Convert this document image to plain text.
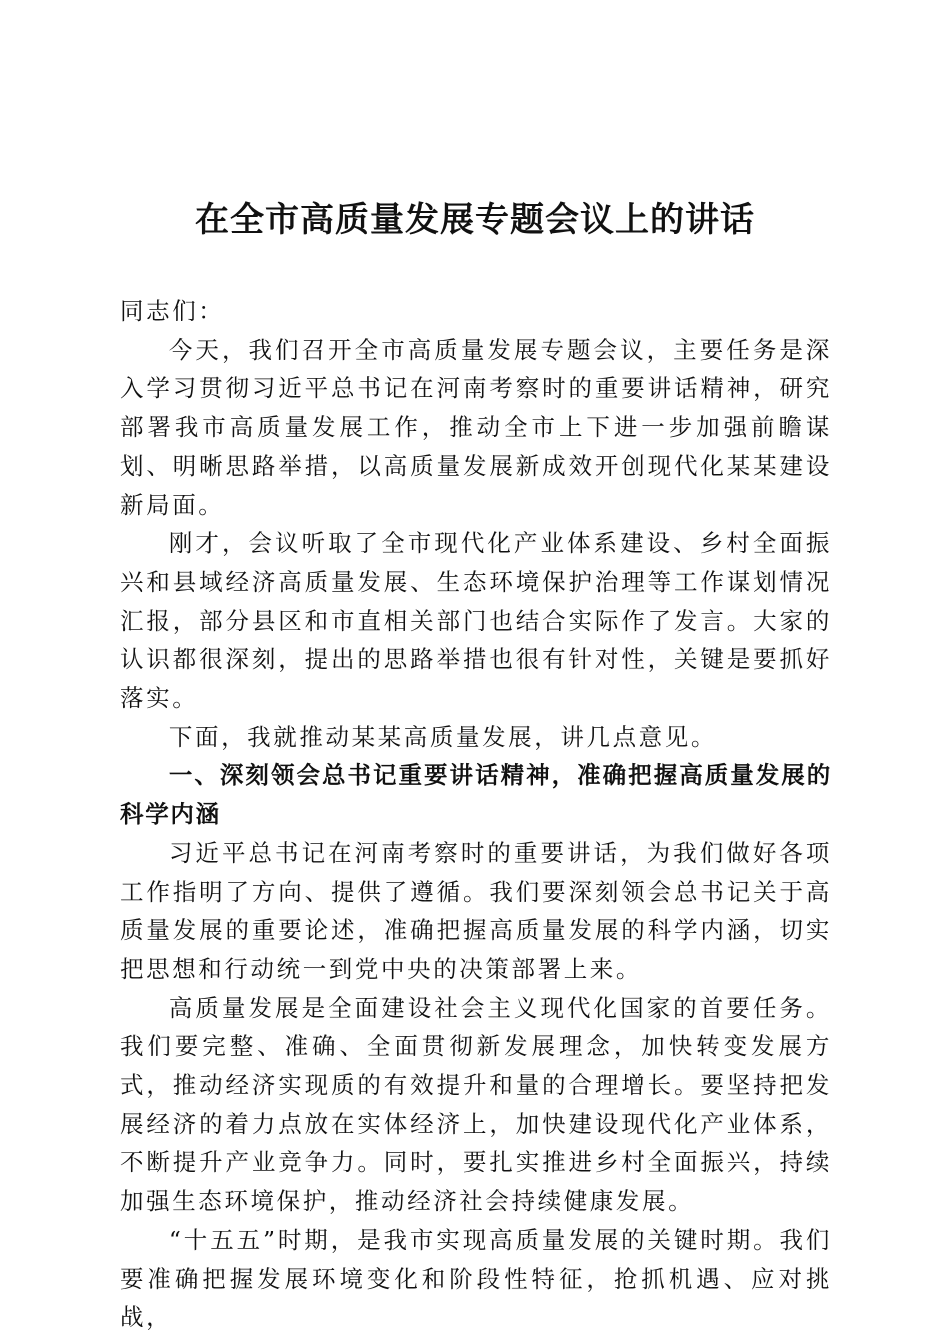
在全市高质量发展专题会议上的讲话

同志们：

今天，我们召开全市高质量发展专题会议，主要任务是深入学习贯彻习近平总书记在河南考察时的重要讲话精神，研究部署我市高质量发展工作，推动全市上下进一步加强前瞻谋划、明晰思路举措，以高质量发展新成效开创现代化某某建设新局面。

刚才，会议听取了全市现代化产业体系建设、乡村全面振兴和县域经济高质量发展、生态环境保护治理等工作谋划情况汇报，部分县区和市直相关部门也结合实际作了发言。大家的认识都很深刻，提出的思路举措也很有针对性，关键是要抓好落实。

下面，我就推动某某高质量发展，讲几点意见。

一、深刻领会总书记重要讲话精神，准确把握高质量发展的科学内涵

习近平总书记在河南考察时的重要讲话，为我们做好各项工作指明了方向、提供了遵循。我们要深刻领会总书记关于高质量发展的重要论述，准确把握高质量发展的科学内涵，切实把思想和行动统一到党中央的决策部署上来。

高质量发展是全面建设社会主义现代化国家的首要任务。我们要完整、准确、全面贯彻新发展理念，加快转变发展方式，推动经济实现质的有效提升和量的合理增长。要坚持把发展经济的着力点放在实体经济上，加快建设现代化产业体系，不断提升产业竞争力。同时，要扎实推进乡村全面振兴，持续加强生态环境保护，推动经济社会持续健康发展。

“十五五”时期，是我市实现高质量发展的关键时期。我们要准确把握发展环境变化和阶段性特征，抢抓机遇、应对挑战，
